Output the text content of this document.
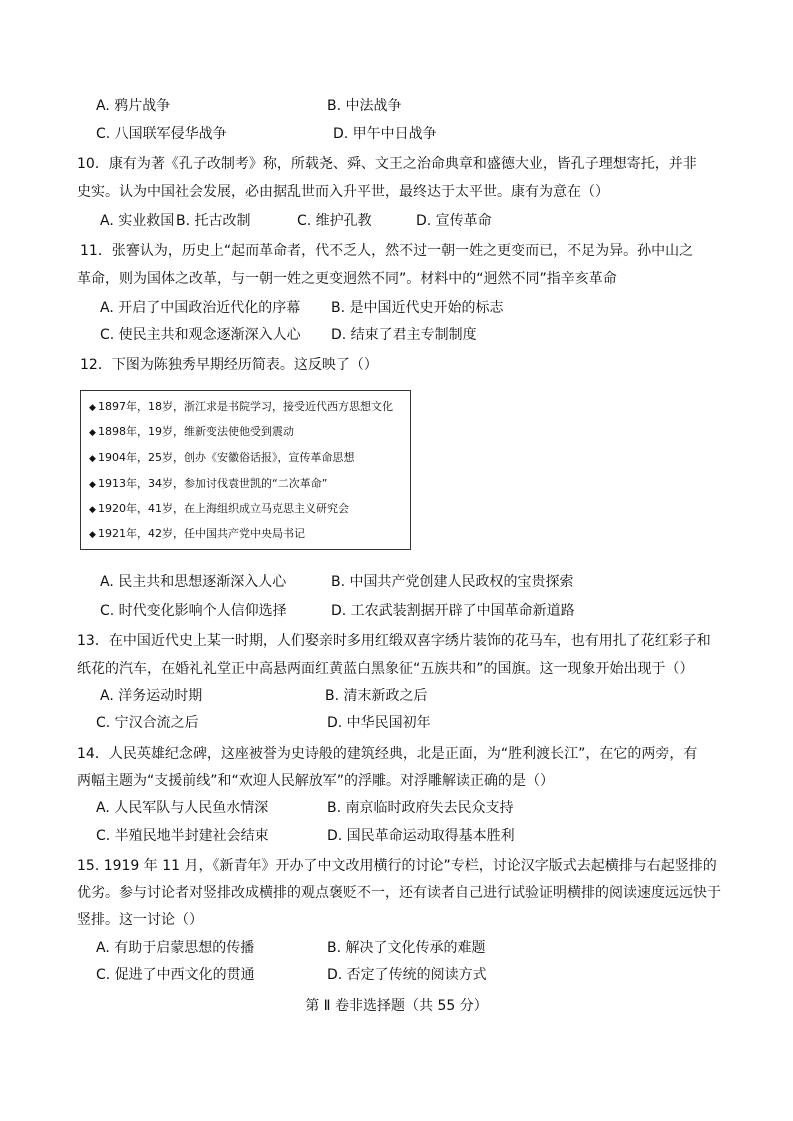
A. 鸦片战争	B. 中法战争
C. 八国联军侵华战争	D. 甲午中日战争
10．康有为著《孔子改制考》称，所载尧、舜、文王之治命典章和盛德大业，皆孔子理想寄托，并非
史实。认为中国社会发展，必由据乱世而入升平世，最终达于太平世。康有为意在（）
A. 实业救国 B. 托古改制	C. 维护孔教	D. 宣传革命
11．张謇认为，历史上“起而革命者，代不乏人，然不过一朝一姓之更变而已，不足为异。孙中山之
革命，则为国体之改革，与一朝一姓之更变迥然不同”。材料中的“迥然不同”指辛亥革命
A. 开启了中国政治近代化的序幕 B. 是中国近代史开始的标志
C. 使民主共和观念逐渐深入人心 D. 结束了君主专制制度
12．下图为陈独秀早期经历简表。这反映了（）
◆ 1897年，18岁，浙江求是书院学习，接受近代西方思想文化
◆ 1898年，19岁，维新变法使他受到震动
◆ 1904年，25岁，创办《安徽俗话报》，宣传革命思想
◆ 1913年，34岁，参加讨伐袁世凯的“二次革命”
◆ 1920年，41岁，在上海组织成立马克思主义研究会
◆ 1921年，42岁，任中国共产党中央局书记
A. 民主共和思想逐渐深入人心	B. 中国共产党创建人民政权的宝贵探索
C. 时代变化影响个人信仰选择	D. 工农武装割据开辟了中国革命新道路
13．在中国近代史上某一时期，人们娶亲时多用红缎双喜字绣片装饰的花马车，也有用扎了花红彩子和
纸花的汽车，在婚礼礼堂正中高悬两面红黄蓝白黑象征“五族共和”的国旗。这一现象开始出现于（）
A. 洋务运动时期	B. 清末新政之后
C. 宁汉合流之后	D. 中华民国初年
14．人民英雄纪念碑，这座被誉为史诗般的建筑经典，北是正面，为“胜利渡长江”，在它的两旁，有
两幅主题为“支援前线”和“欢迎人民解放军”的浮雕。对浮雕解读正确的是（）
A. 人民军队与人民鱼水情深	B. 南京临时政府失去民众支持
C. 半殖民地半封建社会结束	D. 国民革命运动取得基本胜利
15. 1919 年 11 月，《新青年》开办了中文改用横行的讨论”专栏，讨论汉字版式去起横排与右起竖排的
优劣。参与讨论者对竖排改成横排的观点褒贬不一，还有读者自己进行试验证明横排的阅读速度远远快于
竖排。这一讨论（）
A. 有助于启蒙思想的传播	B. 解决了文化传承的难题
C. 促进了中西文化的贯通	D. 否定了传统的阅读方式
第 Ⅱ 卷非选择题（共 55 分）
